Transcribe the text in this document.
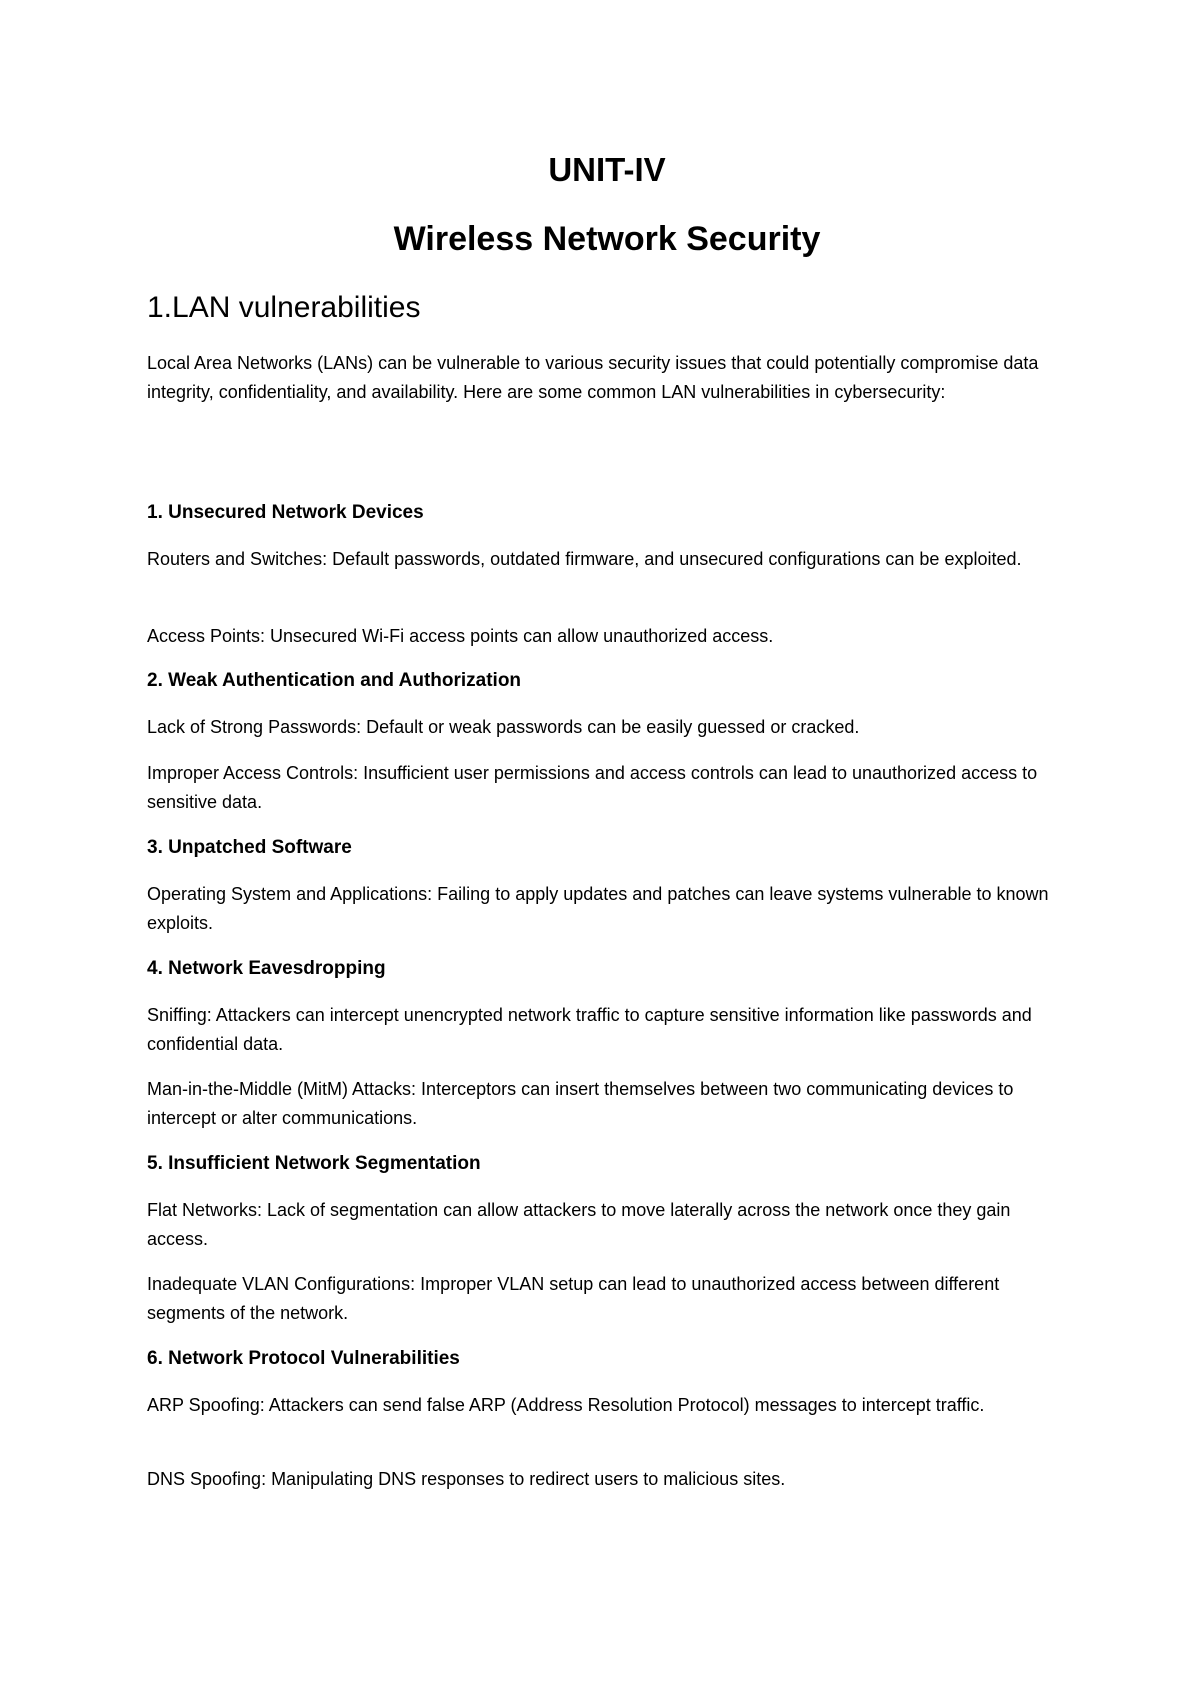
UNIT-IV
Wireless Network Security
1.LAN vulnerabilities
Local Area Networks (LANs) can be vulnerable to various security issues that could potentially compromise data integrity, confidentiality, and availability. Here are some common LAN vulnerabilities in cybersecurity:
1. Unsecured Network Devices
Routers and Switches: Default passwords, outdated firmware, and unsecured configurations can be exploited.
Access Points: Unsecured Wi-Fi access points can allow unauthorized access.
2. Weak Authentication and Authorization
Lack of Strong Passwords: Default or weak passwords can be easily guessed or cracked.
Improper Access Controls: Insufficient user permissions and access controls can lead to unauthorized access to sensitive data.
3. Unpatched Software
Operating System and Applications: Failing to apply updates and patches can leave systems vulnerable to known exploits.
4. Network Eavesdropping
Sniffing: Attackers can intercept unencrypted network traffic to capture sensitive information like passwords and confidential data.
Man-in-the-Middle (MitM) Attacks: Interceptors can insert themselves between two communicating devices to intercept or alter communications.
5. Insufficient Network Segmentation
Flat Networks: Lack of segmentation can allow attackers to move laterally across the network once they gain access.
Inadequate VLAN Configurations: Improper VLAN setup can lead to unauthorized access between different segments of the network.
6. Network Protocol Vulnerabilities
ARP Spoofing: Attackers can send false ARP (Address Resolution Protocol) messages to intercept traffic.
DNS Spoofing: Manipulating DNS responses to redirect users to malicious sites.
